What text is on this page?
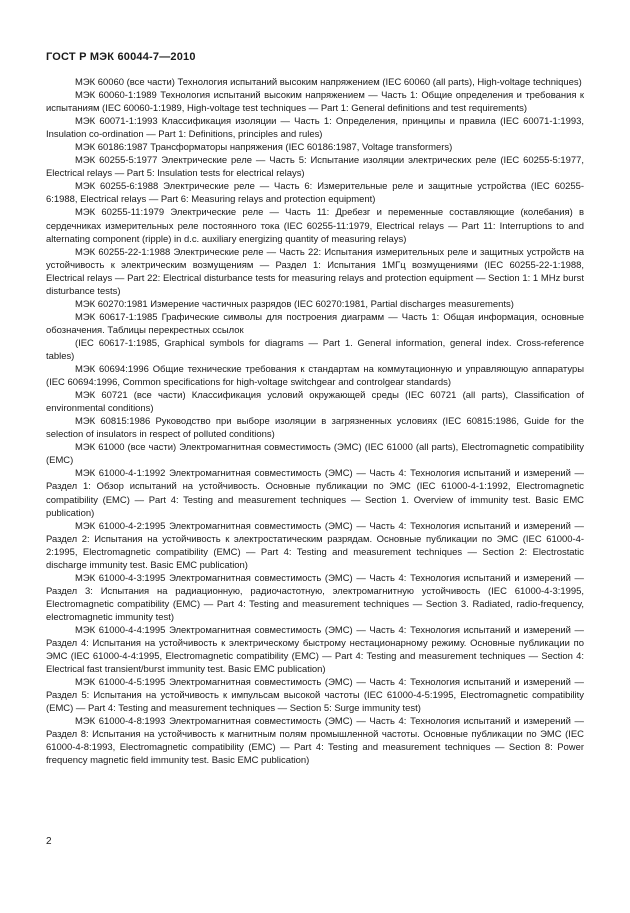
ГОСТ Р МЭК 60044-7—2010

МЭК 60060 (все части) Технология испытаний высоким напряжением (IEC 60060 (all parts), High-voltage techniques)

МЭК 60060-1:1989 Технология испытаний высоким напряжением — Часть 1: Общие определения и требования к испытаниям (IEC 60060-1:1989, High-voltage test techniques — Part 1: General definitions and test requirements)

МЭК 60071-1:1993 Классификация изоляции — Часть 1: Определения, принципы и правила (IEC 60071-1:1993, Insulation co-ordination — Part 1: Definitions, principles and rules)

МЭК 60186:1987 Трансформаторы напряжения (IEC 60186:1987, Voltage transformers)

МЭК 60255-5:1977 Электрические реле — Часть 5: Испытание изоляции электрических реле (IEC 60255-5:1977, Electrical relays — Part 5: Insulation tests for electrical relays)

МЭК 60255-6:1988 Электрические реле — Часть 6: Измерительные реле и защитные устройства (IEC 60255-6:1988, Electrical relays — Part 6: Measuring relays and protection equipment)

МЭК 60255-11:1979 Электрические реле — Часть 11: Дребезг и переменные составляющие (колебания) в сердечниках измерительных реле постоянного тока (IEC 60255-11:1979, Electrical relays — Part 11: Interruptions to and alternating component (ripple) in d.c. auxiliary energizing quantity of measuring relays)

МЭК 60255-22-1:1988 Электрические реле — Часть 22: Испытания измерительных реле и защитных устройств на устойчивость к электрическим возмущениям — Раздел 1: Испытания 1МГц возмущениями (IEC 60255-22-1:1988, Electrical relays — Part 22: Electrical disturbance tests for measuring relays and protection equipment — Section 1: 1 MHz burst disturbance tests)

МЭК 60270:1981 Измерение частичных разрядов (IEC 60270:1981, Partial discharges measurements)

МЭК 60617-1:1985 Графические символы для построения диаграмм — Часть 1: Общая информация, основные обозначения. Таблицы перекрестных ссылок

(IEC 60617-1:1985, Graphical symbols for diagrams — Part 1. General information, general index. Cross-reference tables)

МЭК 60694:1996 Общие технические требования к стандартам на коммутационную и управляющую аппаратуры (IEC 60694:1996, Common specifications for high-voltage switchgear and controlgear standards)

МЭК 60721 (все части) Классификация условий окружающей среды (IEC 60721 (all parts), Classification of environmental conditions)

МЭК 60815:1986 Руководство при выборе изоляции в загрязненных условиях (IEC 60815:1986, Guide for the selection of insulators in respect of polluted conditions)

МЭК 61000 (все части) Электромагнитная совместимость (ЭМС) (IEC 61000 (all parts), Electromagnetic compatibility (EMC)

МЭК 61000-4-1:1992 Электромагнитная совместимость (ЭМС) — Часть 4: Технология испытаний и измерений — Раздел 1: Обзор испытаний на устойчивость. Основные публикации по ЭМС (IEC 61000-4-1:1992, Electromagnetic compatibility (EMC) — Part 4: Testing and measurement techniques — Section 1. Overview of immunity test. Basic EMC publication)

МЭК 61000-4-2:1995 Электромагнитная совместимость (ЭМС) — Часть 4: Технология испытаний и измерений — Раздел 2: Испытания на устойчивость к электростатическим разрядам. Основные публикации по ЭМС (IEC 61000-4-2:1995, Electromagnetic compatibility (EMC) — Part 4: Testing and measurement techniques — Section 2: Electrostatic discharge immunity test. Basic EMC publication)

МЭК 61000-4-3:1995 Электромагнитная совместимость (ЭМС) — Часть 4: Технология испытаний и измерений — Раздел 3: Испытания на радиационную, радиочастотную, электромагнитную устойчивость (IEC 61000-4-3:1995, Electromagnetic compatibility (EMC) — Part 4: Testing and measurement techniques — Section 3. Radiated, radio-frequency, electromagnetic immunity test)

МЭК 61000-4-4:1995 Электромагнитная совместимость (ЭМС) — Часть 4: Технология испытаний и измерений — Раздел 4: Испытания на устойчивость к электрическому быстрому нестационарному режиму. Основные публикации по ЭМС (IEC 61000-4-4:1995, Electromagnetic compatibility (EMC) — Part 4: Testing and measurement techniques — Section 4: Electrical fast transient/burst immunity test. Basic EMC publication)

МЭК 61000-4-5:1995 Электромагнитная совместимость (ЭМС) — Часть 4: Технология испытаний и измерений — Раздел 5: Испытания на устойчивость к импульсам высокой частоты (IEC 61000-4-5:1995, Electromagnetic compatibility (EMC) — Part 4: Testing and measurement techniques — Section 5: Surge immunity test)

МЭК 61000-4-8:1993 Электромагнитная совместимость (ЭМС) — Часть 4: Технология испытаний и измерений — Раздел 8: Испытания на устойчивость к магнитным полям промышленной частоты. Основные публикации по ЭМС (IEC 61000-4-8:1993, Electromagnetic compatibility (EMC) — Part 4: Testing and measurement techniques — Section 8: Power frequency magnetic field immunity test. Basic EMC publication)

2
